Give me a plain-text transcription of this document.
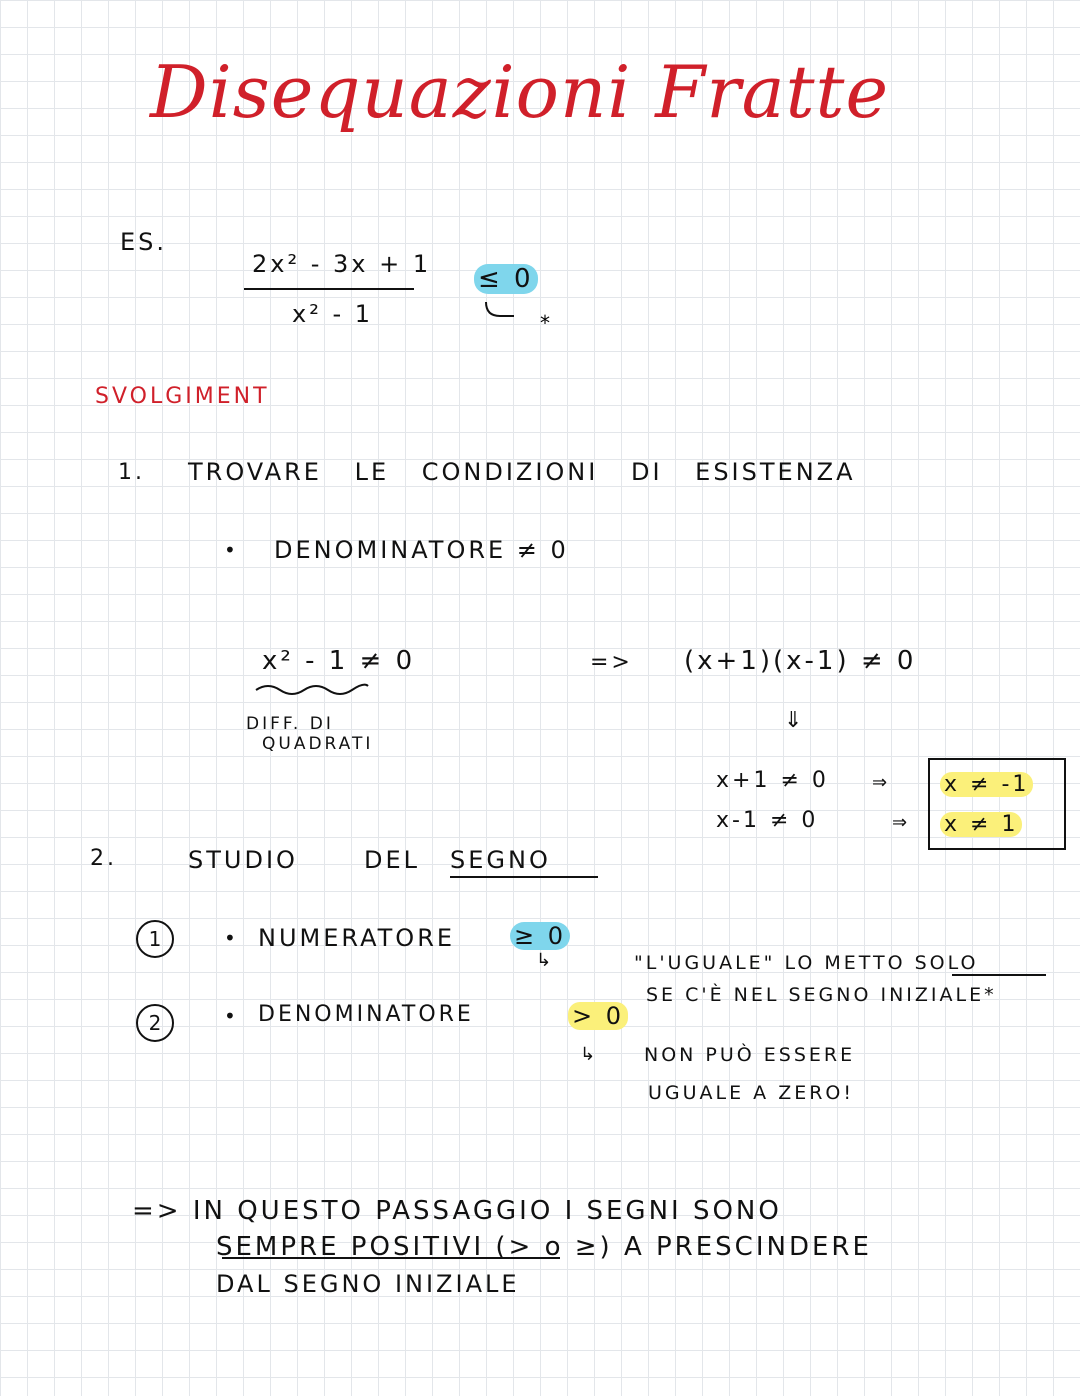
Disequazioni Fratte
ES.
2x² - 3x + 1
x² - 1
≤ 0
SVOLGIMENT
1. TROVARE LE CONDIZIONI DI ESISTENZA
• DENOMINATORE ≠ 0
x² - 1 ≠ 0
DIFF. DI
QUADRATI
=> (x+1)(x-1) ≠ 0
⇓
x+1 ≠ 0
x-1 ≠ 0
⇒
⇒
x ≠ -1
x ≠ 1
2.	STUDIO	DEL SEGNO
1	• NUMERATORE ≥ 0
↳	"L'UGUALE" LO METTO SOLO
SE C'È NEL SEGNO INIZIALE*
2	• DENOMINATORE	> 0
↳	NON PUÒ ESSERE
UGUALE A ZERO!
=> IN QUESTO PASSAGGIO I SEGNI SONO
SEMPRE POSITIVI (> o ≥) A PRESCINDERE
DAL SEGNO INIZIALE
*
